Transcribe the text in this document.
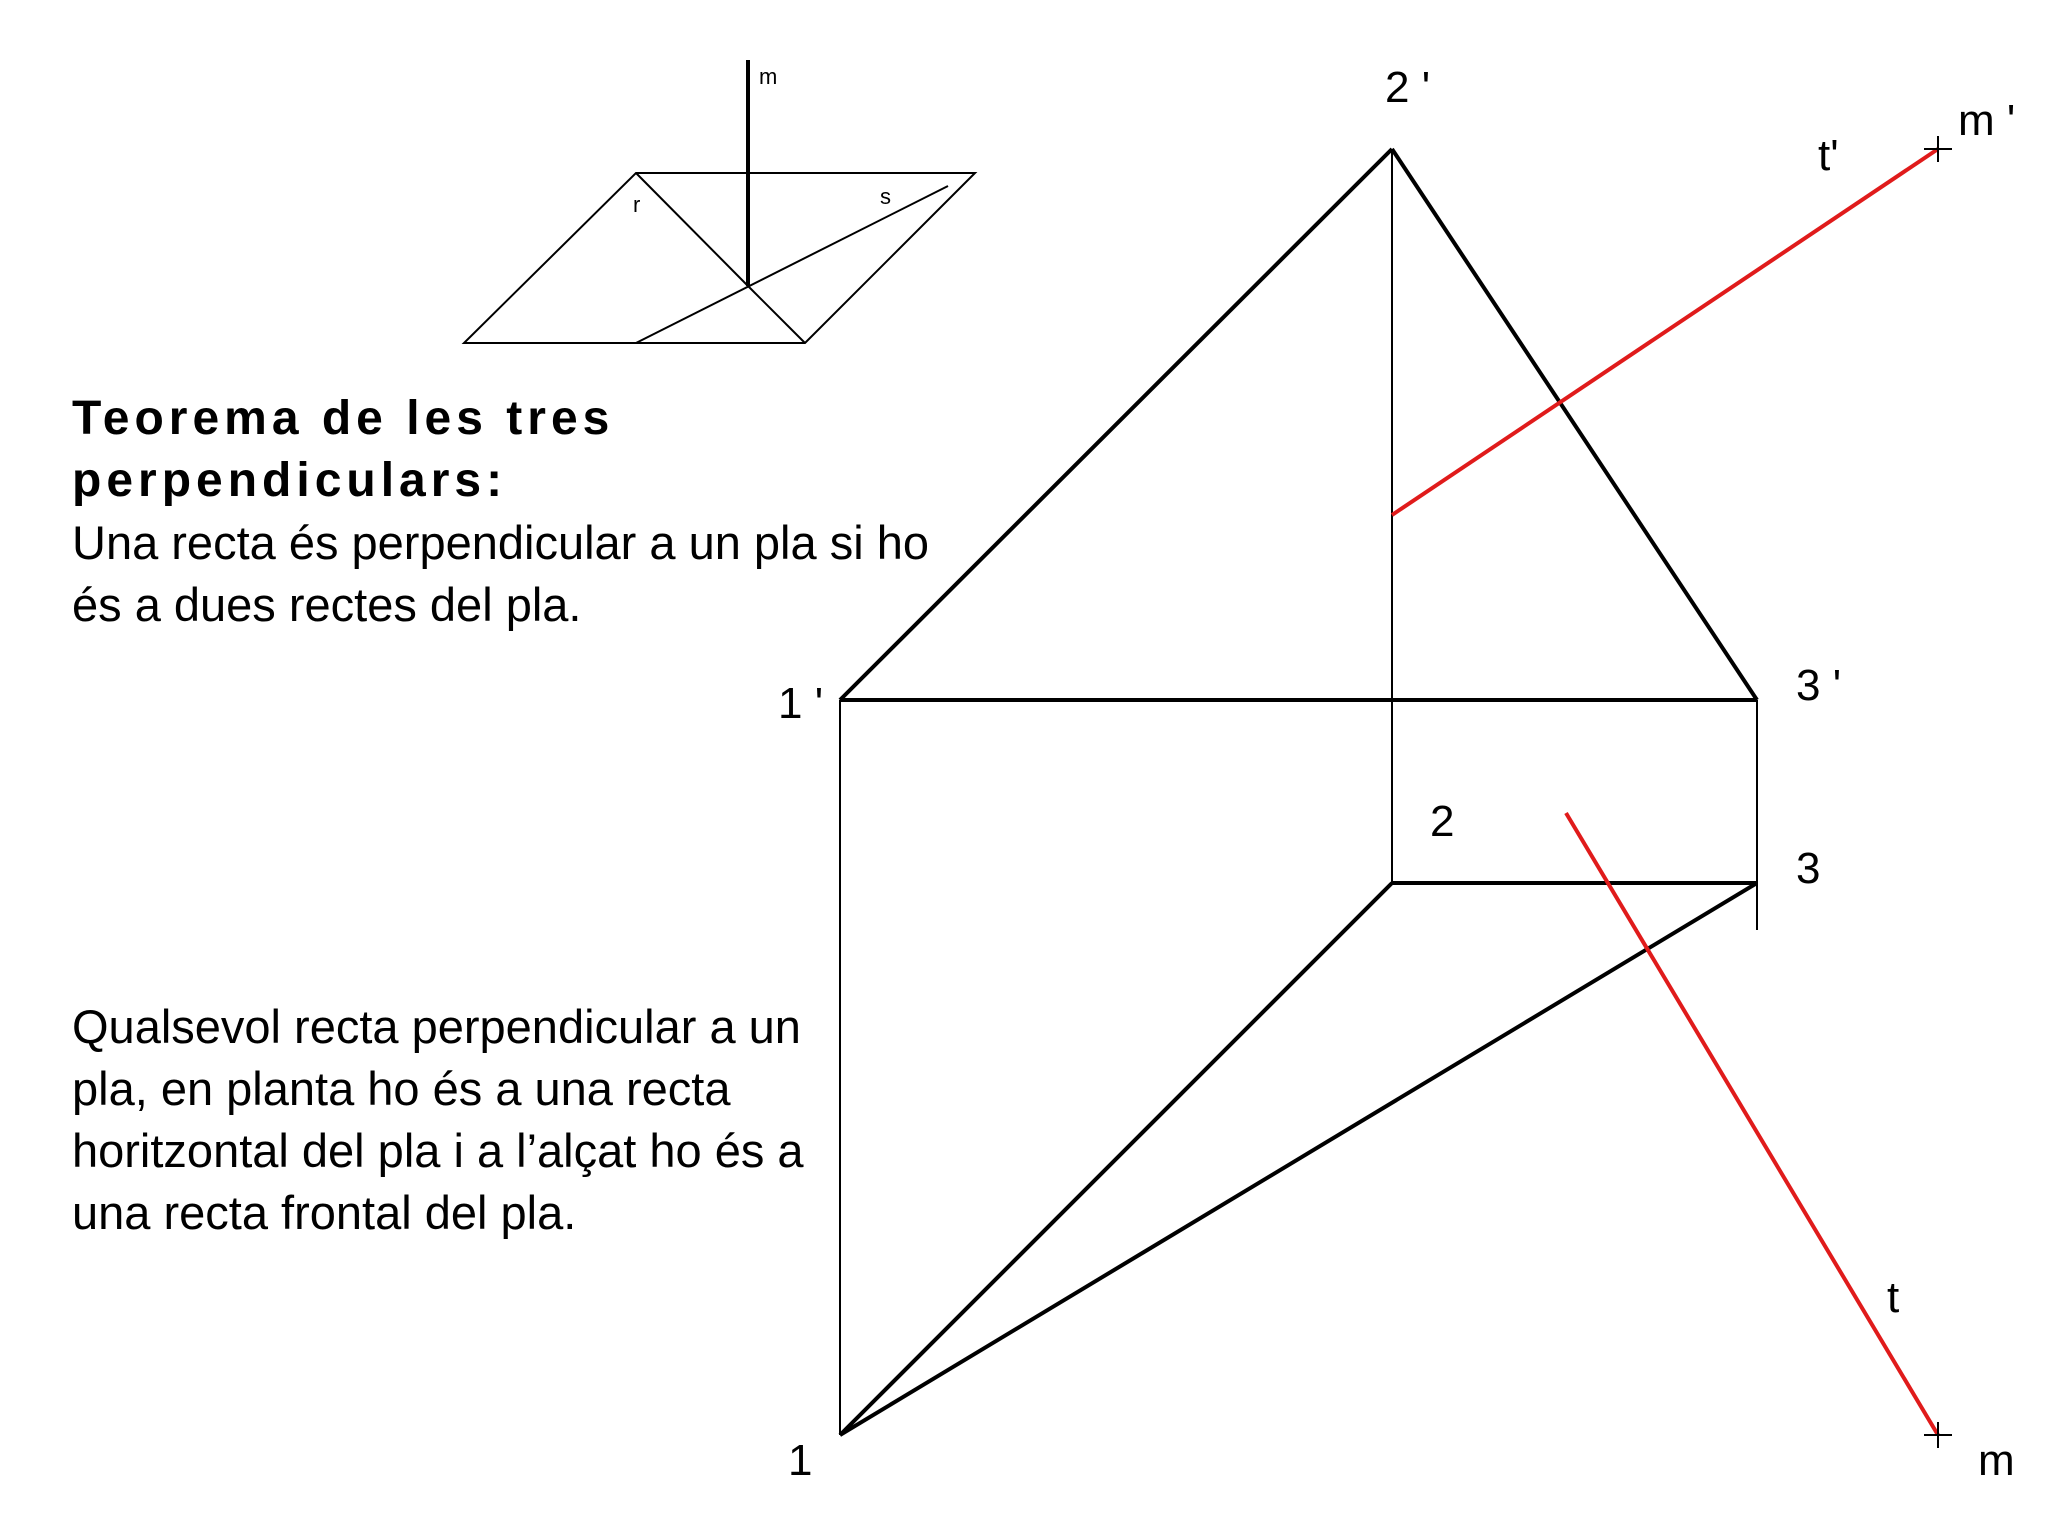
m
r	s
2 '
t'
m '
1 '	3 '
2
3
t
1	m
Teorema de les tres perpendiculars:
Una recta és perpendicular a un pla si ho és a dues rectes del pla.
Qualsevol recta perpendicular a un pla, en planta ho és a una recta horitzontal del pla i a l’alçat ho és a una recta frontal del pla.
